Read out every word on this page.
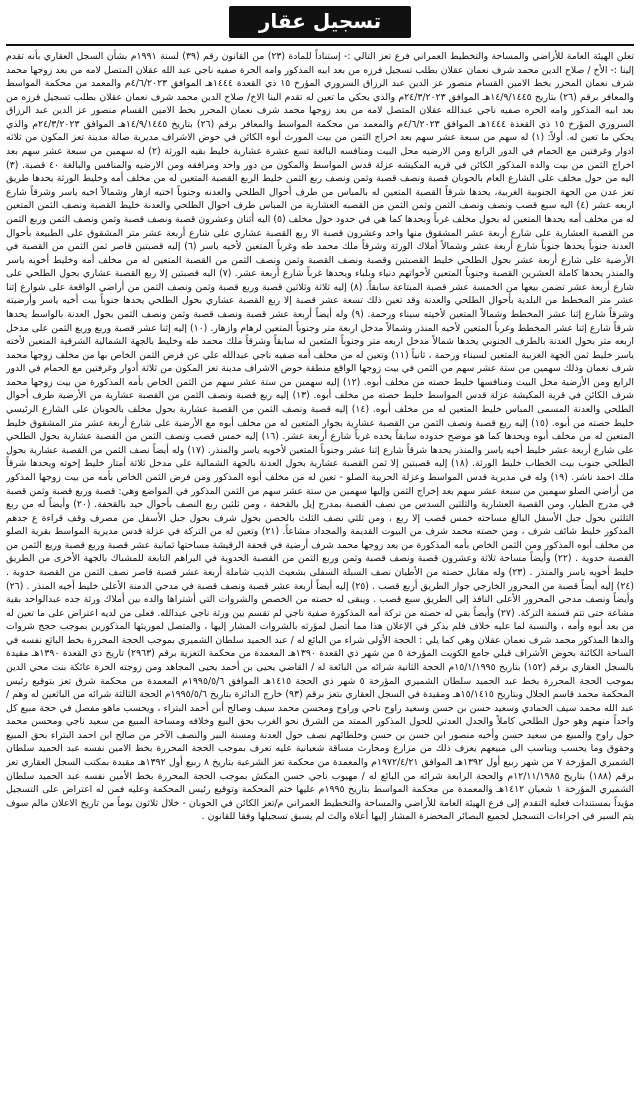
تسجيل عقار

تعلن الهيئة العامة للأراضي والمساحة والتخطيط العمراني فرع تعز التالي :- إستناداً للمادة (٢٣) من القانون رقم (٣٩) لسنة ١٩٩١م بشأن السجل العقاري بأنه تقدم إلينا :- الأخ / صلاح الدين محمد شرف نعمان عقلان بطلب تسجيل فرزه من بعد ابيه المذكور وامه الحرة صفيه ناجي عبد الله عقلان المتصل لامه من بعد زوجها محمد شرف نعمان المحرر بخط الامين القسام منصور عز الدين عبد الرزاق السروري المؤرخ ١٥ ذي القعدة ١٤٤٤هـ الموافق ٤/٦/٢٠٢٣م والمعمد من محكمة المواسط والمعافر برقم (٢٦) بتاريخ ١٤/٩/١٤٤٥هـ الموافق ٢٤/٣/٢٠٢٣م والذي يحكي ما تعين له تقدم الينا الاخ/ صلاح الدين محمد شرف نعمان عقلان بطلب تسجيل فرزه من بعد ابيه المذكور وامه الحره صفيه ناجي عبدالله عقلان المتصل لامه من بعد زوجها محمد شرف نعمان المحرر بخط الامين القسام منصور عز الدين عبد الرزاق السروري المؤرخ ١٥ ذي القعدة ١٤٤٤هـ الموافق ٤/٦/٢٠٢٣م والمعمد من محكمة المواسط والمعافر برقم (٢٦) بتاريخ ١٤/٩/١٤٤٥هـ الموافق ٢٤/٣/٢٠٢٣م والذي يحكي ما تعين له. أولاً: (١) له سهم من سبعة عشر سهم بعد اخراج الثمن من بيت المورث أبوه الكائن في حوض الاشراف مديرية صالة مدينة تعز المكون من ثلاثه ادوار وغرفتين مع الحمام في الدور الرابع ومن الارضيه محل البيت ومنافسه البالغة تسع عشرة عشارية خليط بقيه الورثة (٢) له سهمين من سبعة عشر سهم بعد اخراج الثمن من بيت والده المذكور الكائن في قريه المكيشه عزلة قدس المواسط والمكون من دور واحد ومرافقه ومن الارضيه والمنافس والبالغة ٤٠ قصبة. (٣) اليه من حول مخلف على الشارع العام بالحوبان قصبة ونصف قصبة وثمن ونصف ربع الثمن خليط الربع القصبة المتعين له من مخلف أمه وخليط الورثة يحدها طريق تعز عدن من الجهة الجنوبية الغربية، يحدها شرقاً القصبة المتعين له بالمباس من طرف أحوال الطلحي والعدنه وجنوباً اختيه ازهار وشمالاً اخيه ياسر وشرقاً شارع اربعه عشر (٤) اليه سبع قصب ونصف ونصف الثمن وثمن الثمن من القصبه العشارية من المباس طرف احوال الطلحي والعدنة خليط القصبة ونصف الثمن المتعين له من مخلف أمه يحدها المتعين له بحول مخلف غرباً وبحدها كما هي في حدود حول مخلف (٥) اليه أثنان وعشرون قصبة ونصف قصبة وثمن ونصف الثمن وربع الثمن من القصبة العشارية على شارع أربعة عشر المشقوق منها واحد وعشرون قصبة الا ربع القصبة عشاري على شارع أربعة عشر متر المشقوق على الطبيعة بأحوال العدنة جنوباً يحدها جنوباً شارع أربعة عشر وشمالاً أملاك الورثة وشرقاً ملك محمد طه وغرباً المتعين لأخيه ياسر (٦) إليه قصبتين قاصر ثمن الثمن من القصبة في الأرضية على شارع أربعة عشر بحول الطلحي خليط القصبتين وقصبة ونصف القصبة وثمن ونصف الثمن من القصبة المتعين له من مخلف أمه وخليط أخويه ياسر والمنذر يحدها كاملة العشرين القصبة وجنوباً المتعين لأخواتهم دنياء وبلباء ويحدها غرباً شارع أربعة عشر. (٧) اليه قصبتين إلا ربع القصبة عشاري بحول الطلحي على شارع أربعة عشر تضمن بيعها من الخمسة عشر قصبة المبتاعة سابقاً. (٨) إليه ثلاثة وثلاثين قصبة وربع قصبة وثمن ونصف الثمن من أراضي الواقعة على شوارع إثنا عشر متر المخطط من البلدية بأحوال الطلحي والعدنة وقد تعين ذلك تسعة عشر قصبة إلا ربع القصبة عشاري بحول الطلحي يحدها جنوباً بيت أخيه ياسر وأرضيته وشرقاً شارع إثنا عشر المخطط وشمالاً المتعين لأخيته سيناء ورحمة. (٩) وله أيضاً أربعة عشر قصبة ونصف قصبة وثمن ونصف الثمن بحول العدنة بالواسط يحدها شرقاً شارع إثنا عشر المخطط وغرباً المتعين لأخيه المنذر وشمالاً مدخل اربعة متر وجنوباً المتعين لرهام وازهار. (١٠) إليه إثنا عشر قصبة وربع وربع الثمن على مدخل اربعه متر بحول العدنة بالطرف الجنوبي يحدها شمالاً مدخل اربعه متر وجنوباً المتعين له سابقاً وشرقاً ملك محمد طه وخليط بالجهة الشمالية الشرقية المتعين لأخته ياسر خليط ثمن الجهة الغربية المتعين لسيناء ورحمة ، ثانياً (١١) وتعين له من مخلف أمه صفيه ناجي عبدالله علي عن فرض الثمن الخاص بها من مخلف زوجها محمد شرف نعمان وذلك سهمين من ستة عشر سهم من الثمن في بيت زوجها الواقع منطقة حوض الاشراف مدينة تعز المكون من ثلاثة أدوار وغرفتين مع الحمام في الدور الرابع ومن الأرضية محل البيت ومنافسها خليط حصته من مخلف أبوه. (١٢) إليه سهمين من ستة عشر سهم من الثمن الخاص بأمه المذكورة من بيت زوجها محمد شرف الكائن في قرية المكيشة عزلة قدس المواسط خليط حصته من مخلف أبوه. (١٣) إليه ربع قصبة ونصف الثمن من القصبة عشارية من الأرضية طرف أحوال الطلحي والعدنة المسمى المباس خليط المتعين له من مخلف أبوه. (١٤) إليه قصبة ونصف الثمن من القصبة عشارية بحول مخلف بالحوبان على الشارع الرئيسي خليط حصته من أبوه. (١٥) إليه ربع قصبة ونصف الثمن من القصبة عشارية بجوار المتعين له من مخلف أبوه مع الأرضية على شارع أربعة عشر متر المشقوق خليط المتعين له من مخلف أبوه ويحدها كما هو موضح حدوده سابقاً يحده غرباً شارع أربعة عشر. (١٦) إليه خمس قصب ونصف الثمن من القصبة عشارية بحول الطلحي على شارع أربعة عشر خليط أخيه ياسر والمنذر يحدها شرقاً شارع إثنا عشر وجنوباً المتعين لأخويه ياسر والمنذر. (١٧) وله أيضاً نصف الثمن من القصبة عشارية بحول الطلحي جنوب بيت الخطاب خليط الورثة. (١٨) إليه قصبتين إلا ثمن القصبة عشارية بحول العدنة بالجهة الشمالية على مدخل ثلاثة أمتار خليط إخوته ويحدها شرقاً ملك احمد ناشر. (١٩) وله في مديرية قدس المواسط وعزلة الحريبة الصلو - تعين له من مخلف أبوه المذكور ومن فرض الثمن الخاص بأمه من بيت زوجها المذكور من أراضي الصلو سهمين من سبعة عشر سهم بعد إخراج الثمن وإليها سهمين من ستة عشر سهم من الثمن المذكور في المواضع وهي: قصبة وربع قصبة وثمن قصبة في مدرج الطيار، ومن القصبة العشارية والثلثين السدس من نصف القصبة بمدرج إيل بالقحفة ، ومن ثلثين ربع النصف بأحوال حيد بالقحفة. (٢٠) وأيضاً له من ربع الثلثين بحول جبل الأسفل البالغ مساحته خمس قصب إلا ربع ، ومن ثلثي نصف الثلث بالحصن بحول شرف بحول جبل الأسفل من مصرف وقف قراءة ع جدهم المذكور خليط شائف شرف ، ومن حصته محمد شرف من البيوت القديمة والمجداد مشاعاً. (٢١) وتعين له من التركة في عزلة قدس مديرية المواسط بقرية الصلو من مخلف أبوه المذكور ومن الثمن الخاص بأمه المذكورة من بعد زوجها محمد شرف أرضية في قحفة الرقيشة مساحتها ثمانية عشر قصبة وربع قصبة وربع الثمن من القصبة حدوية . (٢٢) وأيضاً مساحة ثلاثة وعشرون قصبة ونصف قصبة وثمن وربع الثمن من القصبة الحدوية في البراهم التابعة للمشباك بالجهة الأخرى من الطريق خليط أخويه ياسر والمنذر . (٢٣) وله مقابل حصته من الأطيان نصف السبلة السفلى بشعيث الذيب شاملة أربعة عشر قصبة قاصر نصف الثمن من القصبة حدوية . (٢٤) إليه أيضاً قصبة من المحرور الخارجي جوار الطريق أربع قصب . (٢٥) إليه أيضاً أربعة عشر قصبة ونصف قصبة في مدحي الدمنة الأعلى خليط أخيه المنذر . (٢٦) وأيضاً ونصف مدحي المحرور الأعلى النافذ إلى الطريق سبع قصب . ويبقى له حصته من الخصص والشروات التي أشتراها والده بين أملاك ورثة جده عبدالواحد بقية مشاعة حتى تتم قسمة التركة. (٢٧) وأيضاً بقي له حصته من تركة أمه المذكورة صفية ناجي لم تقسم بين ورثة ناجي عبدالله. فعلى من لديه اعتراض على ما تعين له من بعد أبوه وأمه ، والنسبة لما عليه خلاف فلم يذكر في الإعلان هذا مما أتصل لمؤرثه بالشروات المشار إليها ، والمتصل لموريثها المذكورين بموجب حجج شروات والدها المذكور محمد شرف نعمان عقلان وهي كما يلي : الحجة الأولى شراء من البائع له / عبد الحميد سلطان الشميري بموجب الحجة المحررة بخط الباثع نفسه في الساحة الكائنة بحوض الأشراف قبلي جامع الكويت المؤرخة ٥ من شهر ذي القعدة ١٣٩٠هـ المعمدة من محكمة التعزية برقم (٢٩٦٣) تاريخ ذي القعدة ١٣٩٠هـ مقيدة بالسجل العقاري برقم (١٥٢) بتاريخ ١٥/١/١٩٩٥م الحجة الثانية شرائه من البائعة له / القاضي يحيى بن أحمد يحيى المجاهد ومن زوجته الحرة عائكة بنت محي الدين بموجب الحجة المحررة بخط عبد الحميد سلطان الشميري المؤرخة ٥ شهر ذي الحجة ١٤١٥هـ الموافق ١٩٩٥/٥/٦م المعمدة من محكمة شرق تعز بتوقيع رئيس المحكمة محمد قاسم الجلال وبتاريخ ١٥/١٤١٥هـ ومقيدة في السجل العقاري بتعز برقم (٩٣) خارج الدائرة بتاريخ ١٩٩٥/٥/٦م الحجة الثالثة شرائه من الباثعين له وهم / عبد الله محمد سيف الحمادي وسعيد حسن بن حسن وسعيد راوح ناجي وراوح ومحسن محمد سيف وصالح أبن أحمد البتراء ، ويحسب ماهو مفصل في حجة مبيع كل واحداً منهم وهو حول الطلحي كاملاً والجدل العدني للحول المذكور الممتد من الشرق نحو الغرب بحق البيع وخلافه ومساحة المبيع من سعيد ناجي ومحسن محمد حول راوح والمبيع من سعيد حسن وأخيه منصور ابن حسن بن حسن وخلطائهم نصف حول العدنة ومسنة البير والنصف الآخر من صالح ابن احمد البتراء بحق المبيع وحقوق وما يحسب ويناسب الى مبيعهم يعرف ذلك من مزارع ومحارث مساقة شعبانية عليه تعرف بموجب الحجة المحررة بخط الامين نفسه عبد الحميد سلطان الشميري المؤرخة ٧ من شهر ربيع أول ١٣٩٢هـ الموافق ١٩٧٢/٤/٢١م والمعمدة من محكمة تعز الشرعية بتاريخ ٨ ربيع أول ١٣٩٢هـ مقيدة بمكتب السجل العقاري تعز برقم (١٨٨) بتاريخ ١٢/١١/١٩٨٥م والحجة الرابعة شرائه من البائع له / مهيوب ناجي حسن المكش بموجب الحجة المحررة بخط الأمين نفسه عبد الحميد سلطان الشميري المؤرخة ١ شعبان ١٤١٢هـ والمعمدة من محكمة المواسط بتاريخ ١٩٩٥م عليها ختم المحكمة وتوقيع رئيس المحكمة وعليه فمن له اعتراض على التسجيل مؤيداً بمستندات فعليه التقدم إلى فرع الهيئة العامة للأراضي والمساحة والتخطيط العمراني م/تعز الكائن في الحوبان - خلال ثلاثون يوماً من تاريخ الاعلان مالم سوف يتم السير في اجراءات التسجيل لجميع البصائر المحضرة المشار إليها أعلاه والث لم يسبق تسجيلها وفقا للقانون .
